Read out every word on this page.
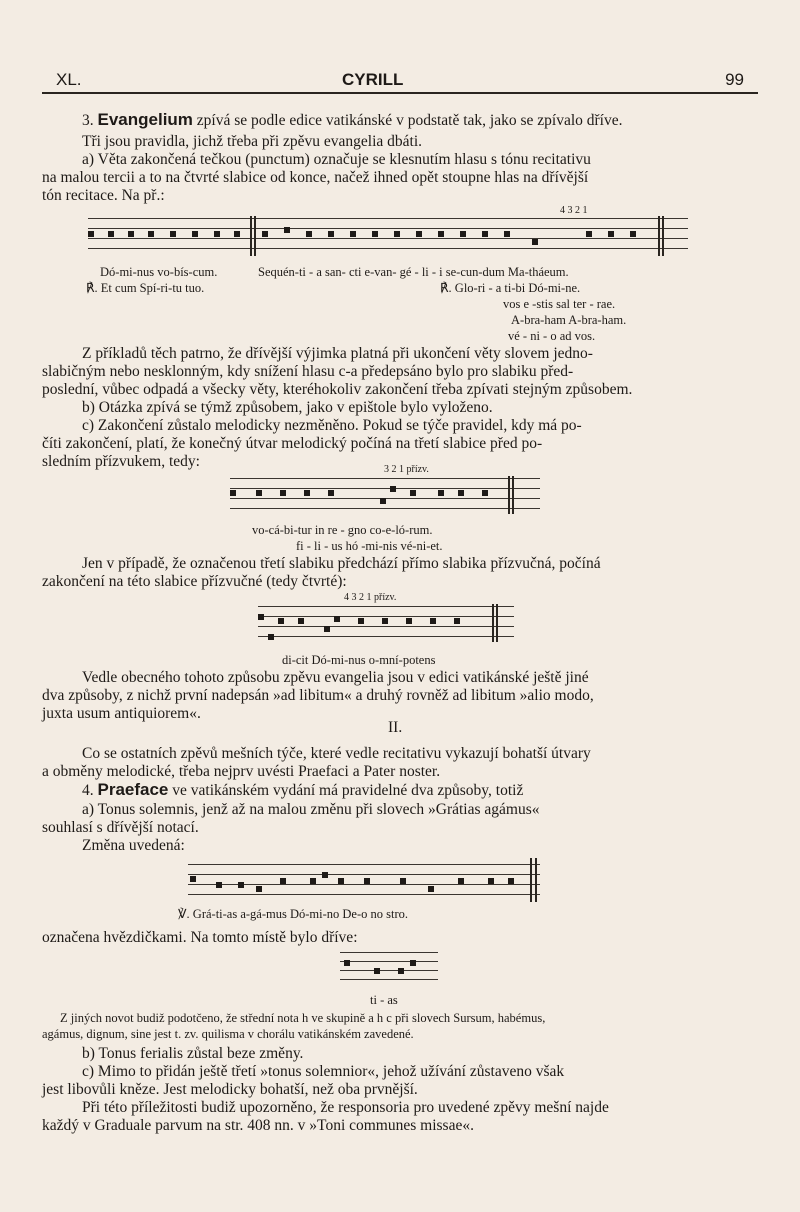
XL.	CYRILL	99
3. Evangelium zpívá se podle edice vatikánské v podstatě tak, jako se zpívalo dříve.
Tři jsou pravidla, jichž třeba při zpěvu evangelia dbáti.
a) Věta zakončená tečkou (punctum) označuje se klesnutím hlasu s tónu recitativu
na malou tercii a to na čtvrté slabice od konce, načež ihned opět stoupne hlas na dřívější
tón recitace. Na př.:
4 3 2 1
Dó-mi-nus vo-bís-cum.	Sequén-ti - a san- cti e-van- gé - li - i se-cun-dum Ma-tháeum.
℟. Et cum Spí-ri-tu tuo.	℟. Glo-ri - a ti-bi Dó-mi-ne.
vos e -stis sal ter - rae.
A-bra-ham A-bra-ham.
vé - ni - o ad vos.
Z příkladů těch patrno, že dřívější výjimka platná při ukončení věty slovem jedno-
slabičným nebo nesklonným, kdy snížení hlasu c-a předepsáno bylo pro slabiku před-
poslední, vůbec odpadá a všecky věty, kteréhokoliv zakončení třeba zpívati stejným způsobem.
b) Otázka zpívá se týmž způsobem, jako v epištole bylo vyloženo.
c) Zakončení zůstalo melodicky nezměněno. Pokud se týče pravidel, kdy má po-
číti zakončení, platí, že konečný útvar melodický počíná na třetí slabice před po-
sledním přízvukem, tedy:	3 2 1 přízv.
vo-cá-bi-tur in re - gno co-e-ló-rum.
fi - li - us hó -mi-nis vé-ni-et.
Jen v případě, že označenou třetí slabiku předchází přímo slabika přízvučná, počíná
zakončení na této slabice přízvučné (tedy čtvrté):
4 3 2 1 přízv.
di-cit Dó-mi-nus o-mní-potens
Vedle obecného tohoto způsobu zpěvu evangelia jsou v edici vatikánské ještě jiné
dva způsoby, z nichž první nadepsán »ad libitum« a druhý rovněž ad libitum »alio modo,
juxta usum antiquiorem«.
II.
Co se ostatních zpěvů mešních týče, které vedle recitativu vykazují bohatší útvary
a obměny melodické, třeba nejprv uvésti Praefaci a Pater noster.
4. Praeface ve vatikánském vydání má pravidelné dva způsoby, totiž
a) Tonus solemnis, jenž až na malou změnu při slovech »Grátias agámus«
souhlasí s dřívější notací.
Změna uvedená:
℣. Grá-ti-as a-gá-mus Dó-mi-no De-o no stro.
označena hvězdičkami. Na tomto místě bylo dříve:
ti - as
Z jiných novot budiž podotčeno, že střední nota h ve skupině a h c při slovech Sursum, habémus,
agámus, dignum, sine jest t. zv. quilisma v chorálu vatikánském zavedené.
b) Tonus ferialis zůstal beze změny.
c) Mimo to přidán ještě třetí »tonus solemnior«, jehož užívání zůstaveno však
jest libovůli kněze. Jest melodicky bohatší, než oba prvnější.
Při této příležitosti budiž upozorněno, že responsoria pro uvedené zpěvy mešní najde
každý v Graduale parvum na str. 408 nn. v »Toni communes missae«.
